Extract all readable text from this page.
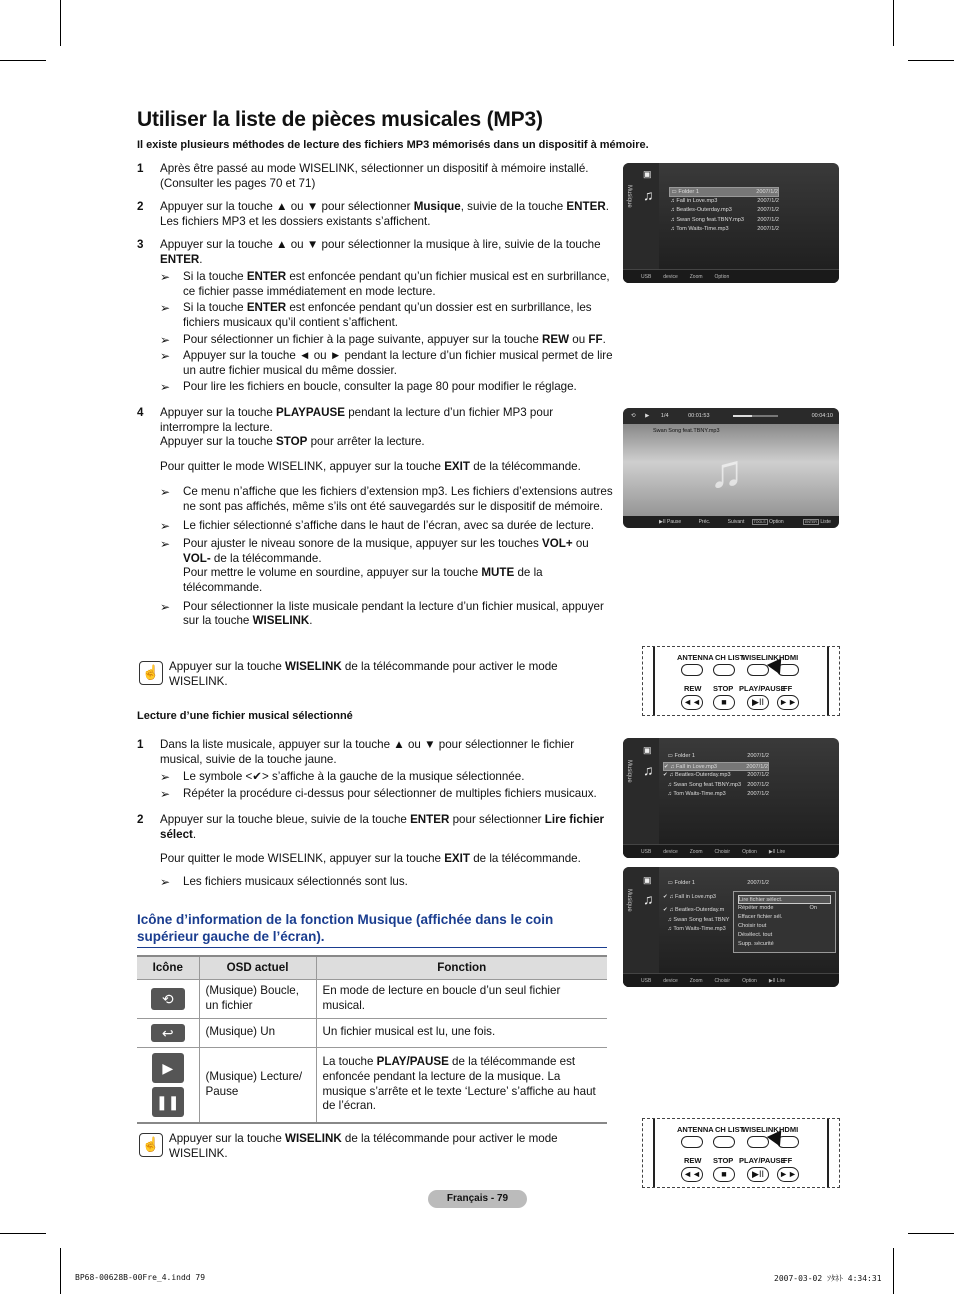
Utiliser la liste de pièces musicales (MP3)
Il existe plusieurs méthodes de lecture des fichiers MP3 mémorisés dans un dispositif à mémoire.
1 Après être passé au mode WISELINK, sélectionner un dispositif à mémoire installé. (Consulter les pages 70 et 71)
2 Appuyer sur la touche ▲ ou ▼ pour sélectionner Musique, suivie de la touche ENTER. Les fichiers MP3 et les dossiers existants s’affichent.
3 Appuyer sur la touche ▲ ou ▼ pour sélectionner la musique à lire, suivie de la touche ENTER.
➢ Si la touche ENTER est enfoncée pendant qu’un fichier musical est en surbrillance, ce fichier passe immédiatement en mode lecture.
➢ Si la touche ENTER est enfoncée pendant qu’un dossier est en surbrillance, les fichiers musicaux qu’il contient s’affichent.
➢ Pour sélectionner un fichier à la page suivante, appuyer sur la touche REW ou FF.
➢ Appuyer sur la touche ◄ ou ► pendant la lecture d’un fichier musical permet de lire un autre fichier musical du même dossier.
➢ Pour lire les fichiers en boucle, consulter la page 80 pour modifier le réglage.
4 Appuyer sur la touche PLAYPAUSE pendant la lecture d’un fichier MP3 pour interrompre la lecture.
Appuyer sur la touche STOP pour arrêter la lecture.
Pour quitter le mode WISELINK, appuyer sur la touche EXIT de la télécommande.
➢ Ce menu n’affiche que les fichiers d’extension mp3. Les fichiers d’extensions autres ne sont pas affichés, même s’ils ont été sauvegardés sur le dispositif de mémoire.
➢ Le fichier sélectionné s’affiche dans le haut de l’écran, avec sa durée de lecture.
➢ Pour ajuster le niveau sonore de la musique, appuyer sur les touches VOL+ ou VOL- de la télécommande.
Pour mettre le volume en sourdine, appuyer sur la touche MUTE de la télécommande.
➢ Pour sélectionner la liste musicale pendant la lecture d’un fichier musical, appuyer sur la touche WISELINK.
☝ Appuyer sur la touche WISELINK de la télécommande pour activer le mode WISELINK.
Lecture d’une fichier musical sélectionné
1 Dans la liste musicale, appuyer sur la touche ▲ ou ▼ pour sélectionner le fichier musical, suivie de la touche jaune.
➢ Le symbole <✔> s’affiche à la gauche de la musique sélectionnée.
➢ Répéter la procédure ci-dessus pour sélectionner de multiples fichiers musicaux.
2 Appuyer sur la touche bleue, suivie de la touche ENTER pour sélectionner Lire fichier sélect.
Pour quitter le mode WISELINK, appuyer sur la touche EXIT de la télécommande.
➢ Les fichiers musicaux sélectionnés sont lus.
Icône d’information de la fonction Musique (affichée dans le coin supérieur gauche de l’écran).
Icône	OSD actuel	Fonction
⟲	(Musique) Boucle, un fichier	En mode de lecture en boucle d’un seul fichier musical.
↩	(Musique) Un	Un fichier musical est lu, une fois.
▶
❚❚	(Musique) Lecture/ Pause	La touche PLAY/PAUSE de la télécommande est enfoncée pendant la lecture de la musique. La musique s’arrête et le texte ‘Lecture’ s’affiche au haut de l’écran.
☝ Appuyer sur la touche WISELINK de la télécommande pour activer le mode WISELINK.
Musique
▣
♫	▭ Folder 1	2007/1/2
♫ Fall in Love.mp3	2007/1/2
♫ Beatles-Outerday.mp3	2007/1/2
♫ Swan Song feat.TBNY.mp3 2007/1/2
♫ Tom Waits-Time.mp3	2007/1/2
USB device Zoom Option
⟲ ▶ 1/4	00:01:53	00:04:10
Swan Song feat.TBNY.mp3
♫
▶II Pause	Préc.	Suivant	TOOLS Option	ENTER Liste
ANTENNA CH LIST
WISELINK HDMI
REW STOP PLAY/PAUSE
FF
◄◄	■	▶II	►►
Musique
▣
♫
▭ Folder 1	2007/1/2
✔ ♫ Fall in Love.mp3	2007/1/2
✔ ♫ Beatles-Outerday.mp3	2007/1/2
♫ Swan Song feat.TBNY.mp3 2007/1/2
♫ Tom Waits-Time.mp3	2007/1/2
USB device Zoom Choisir Option ▶II Lire
Musique
▣
♫
▭ Folder 1	2007/1/2
✔ ♫ Fall in Love.mp3
✔ ♫ Beatles-Outerday.m
♫ Swan Song feat.TBNY
♫ Tom Waits-Time.mp3
Lire fichier sélect.
Répéter mode	On
Effacer fichier sél.
Choisir tout
Désélect. tout
Supp. sécurité
USB device Zoom Choisir Option ▶II Lire
ANTENNA CH LIST
WISELINK HDMI
REW STOP PLAY/PAUSE
FF
◄◄	■	▶II	►►
Français - 79
BP68-00628B-00Fre_4.indd 79	2007-03-02 ｿﾀﾈﾄ 4:34:31
